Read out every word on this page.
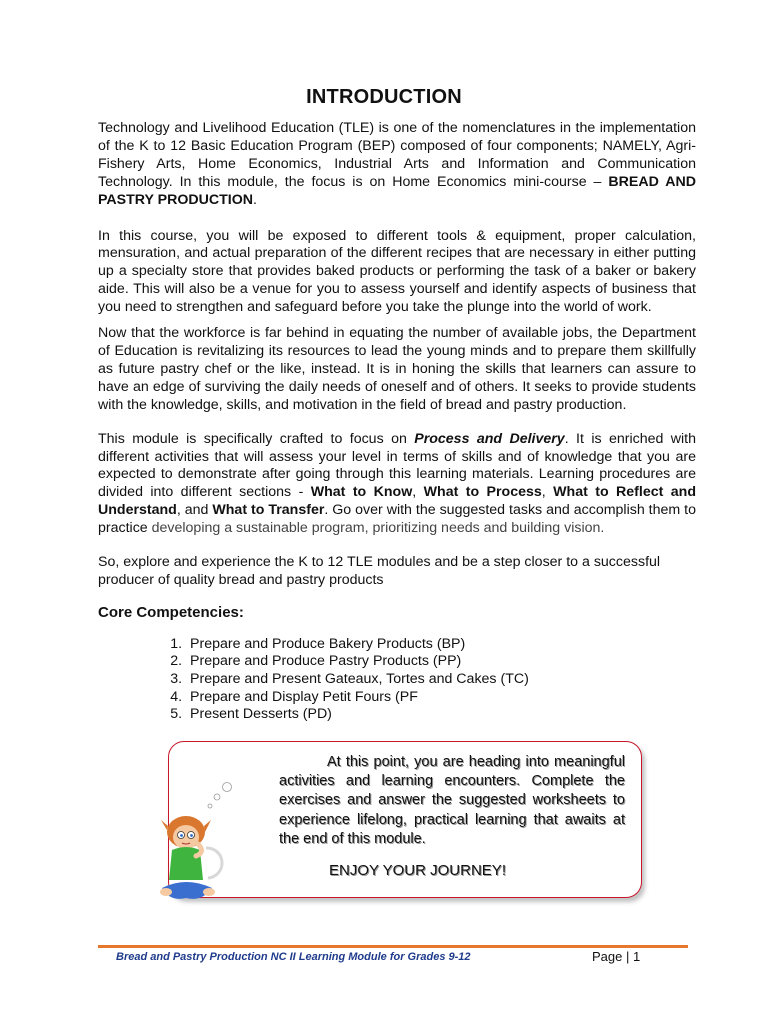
INTRODUCTION

Technology and Livelihood Education (TLE) is one of the nomenclatures in the implementation of the K to 12 Basic Education Program (BEP) composed of four components; NAMELY, Agri-Fishery Arts, Home Economics, Industrial Arts and Information and Communication Technology. In this module, the focus is on Home Economics mini-course – BREAD AND PASTRY PRODUCTION.

In this course, you will be exposed to different tools & equipment, proper calculation, mensuration, and actual preparation of the different recipes that are necessary in either putting up a specialty store that provides baked products or performing the task of a baker or bakery aide. This will also be a venue for you to assess yourself and identify aspects of business that you need to strengthen and safeguard before you take the plunge into the world of work.

Now that the workforce is far behind in equating the number of available jobs, the Department of Education is revitalizing its resources to lead the young minds and to prepare them skillfully as future pastry chef or the like, instead. It is in honing the skills that learners can assure to have an edge of surviving the daily needs of oneself and of others. It seeks to provide students with the knowledge, skills, and motivation in the field of bread and pastry production.

This module is specifically crafted to focus on Process and Delivery. It is enriched with different activities that will assess your level in terms of skills and of knowledge that you are expected to demonstrate after going through this learning materials. Learning procedures are divided into different sections - What to Know, What to Process, What to Reflect and Understand, and What to Transfer. Go over with the suggested tasks and accomplish them to practice developing a sustainable program, prioritizing needs and building vision.

So, explore and experience the K to 12 TLE modules and be a step closer to a successful producer of quality bread and pastry products

Core Competencies:
1. Prepare and Produce Bakery Products (BP)
2. Prepare and Produce Pastry Products (PP)
3. Prepare and Present Gateaux, Tortes and Cakes (TC)
4. Prepare and Display Petit Fours (PF
5. Present Desserts (PD)
At this point, you are heading into meaningful activities and learning encounters. Complete the exercises and answer the suggested worksheets to experience lifelong, practical learning that awaits at the end of this module.
ENJOY YOUR JOURNEY!
Bread and Pastry Production NC II Learning Module for Grades 9-12	Page | 1
